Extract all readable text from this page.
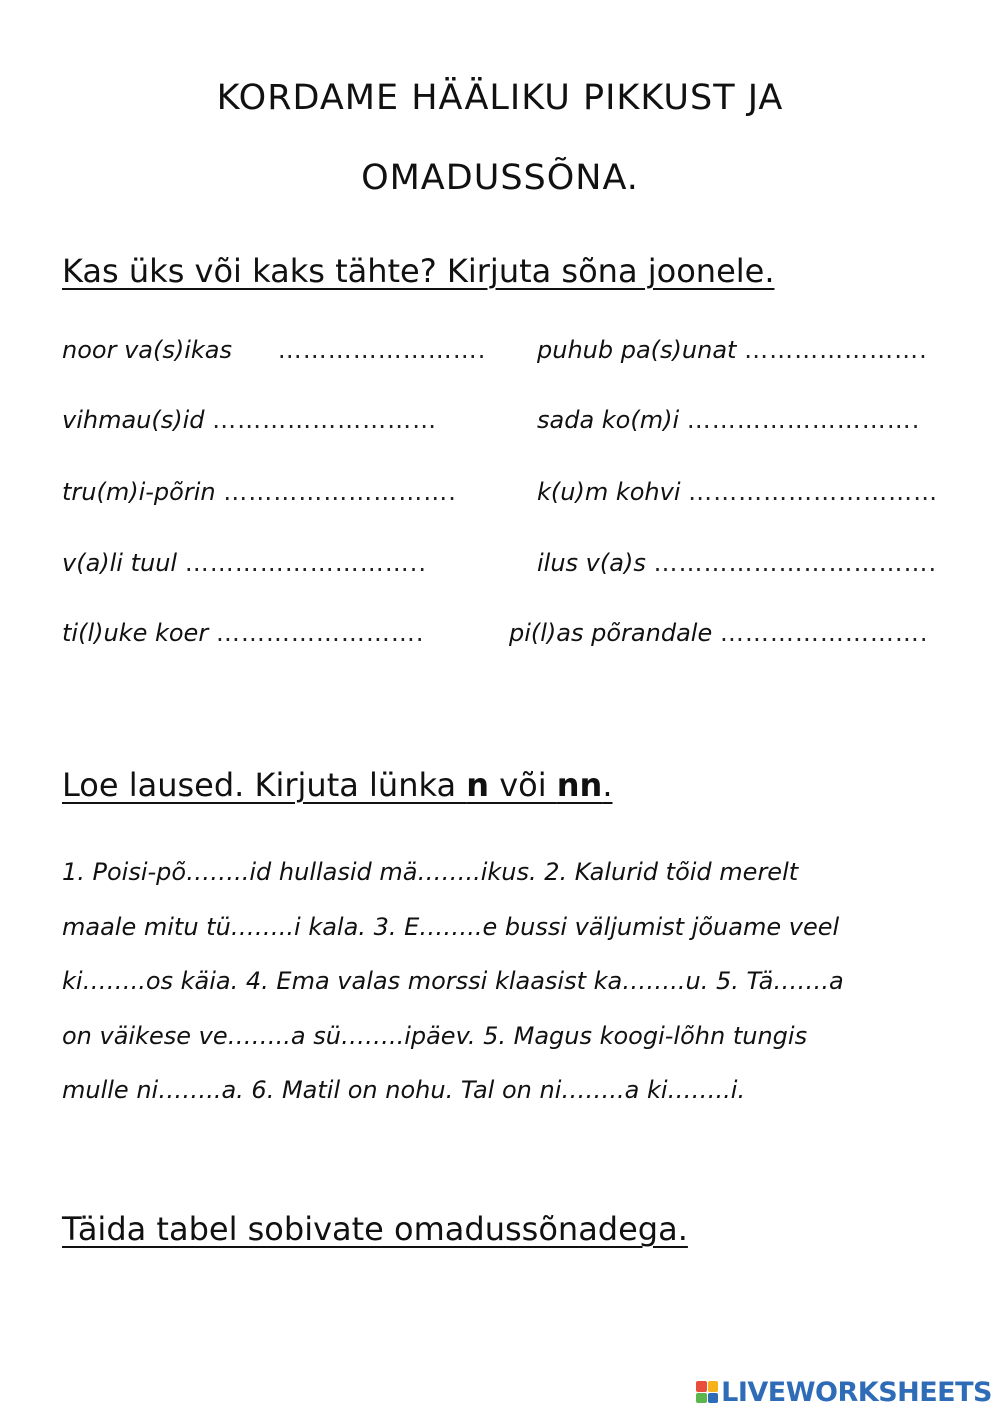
KORDAME HÄÄLIKU PIKKUST JA
OMADUSSÕNA.
Kas üks või kaks tähte? Kirjuta sõna joonele.
noor va(s)ikas …………………….
vihmau(s)id ………………………
tru(m)i-põrin ……………………….
v(a)li tuul ………………………..
ti(l)uke koer …………………….
puhub pa(s)unat ………………….
sada ko(m)i ……………………….
k(u)m kohvi …………………………
ilus v(a)s …………………………….
pi(l)as põrandale …………………….
Loe laused. Kirjuta lünka n või nn.
1. Poisi-põ……..id hullasid mä……..ikus. 2. Kalurid tõid merelt
maale mitu tü……..i kala. 3. E……..e bussi väljumist jõuame veel
ki……..os käia. 4. Ema valas morssi klaasist ka……..u. 5. Tä…….a
on väikese ve……..a sü……..ipäev. 5. Magus koogi-lõhn tungis
mulle ni……..a. 6. Matil on nohu. Tal on ni……..a ki……..i.
Täida tabel sobivate omadussõnadega.
LIVEWORKSHEETS
